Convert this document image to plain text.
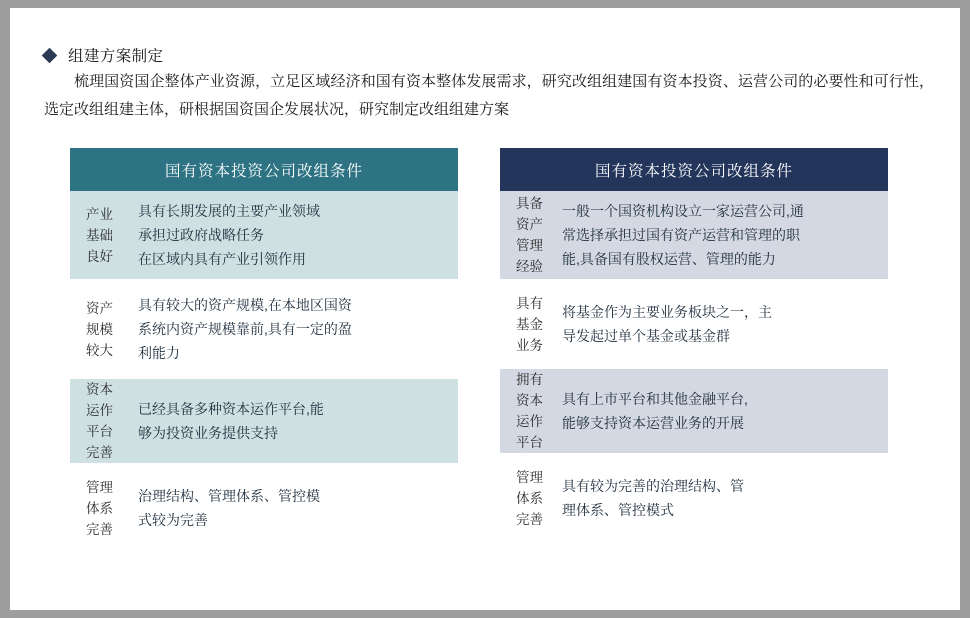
组建方案制定
梳理国资国企整体产业资源，立足区域经济和国有资本整体发展需求，研究改组组建国有资本投资、运营公司的必要性和可行性，选定改组组建主体，研根据国资国企发展状况，研究制定改组组建方案
国有资本投资公司改组条件
产业
基础
良好
具有长期发展的主要产业领域
承担过政府战略任务
在区域内具有产业引领作用
资产
规模
较大
具有较大的资产规模,在本地区国资
系统内资产规模靠前,具有一定的盈
利能力
资本
运作
平台
完善
已经具备多种资本运作平台,能
够为投资业务提供支持
管理
体系
完善
治理结构、管理体系、管控模
式较为完善
国有资本投资公司改组条件
具备
资产
管理
经验
一般一个国资机构设立一家运营公司,通
常选择承担过国有资产运营和管理的职
能,具备国有股权运营、管理的能力
具有
基金
业务
将基金作为主要业务板块之一，主
导发起过单个基金或基金群
拥有
资本
运作
平台
具有上市平台和其他金融平台,
能够支持资本运营业务的开展
管理
体系
完善
具有较为完善的治理结构、管
理体系、管控模式
